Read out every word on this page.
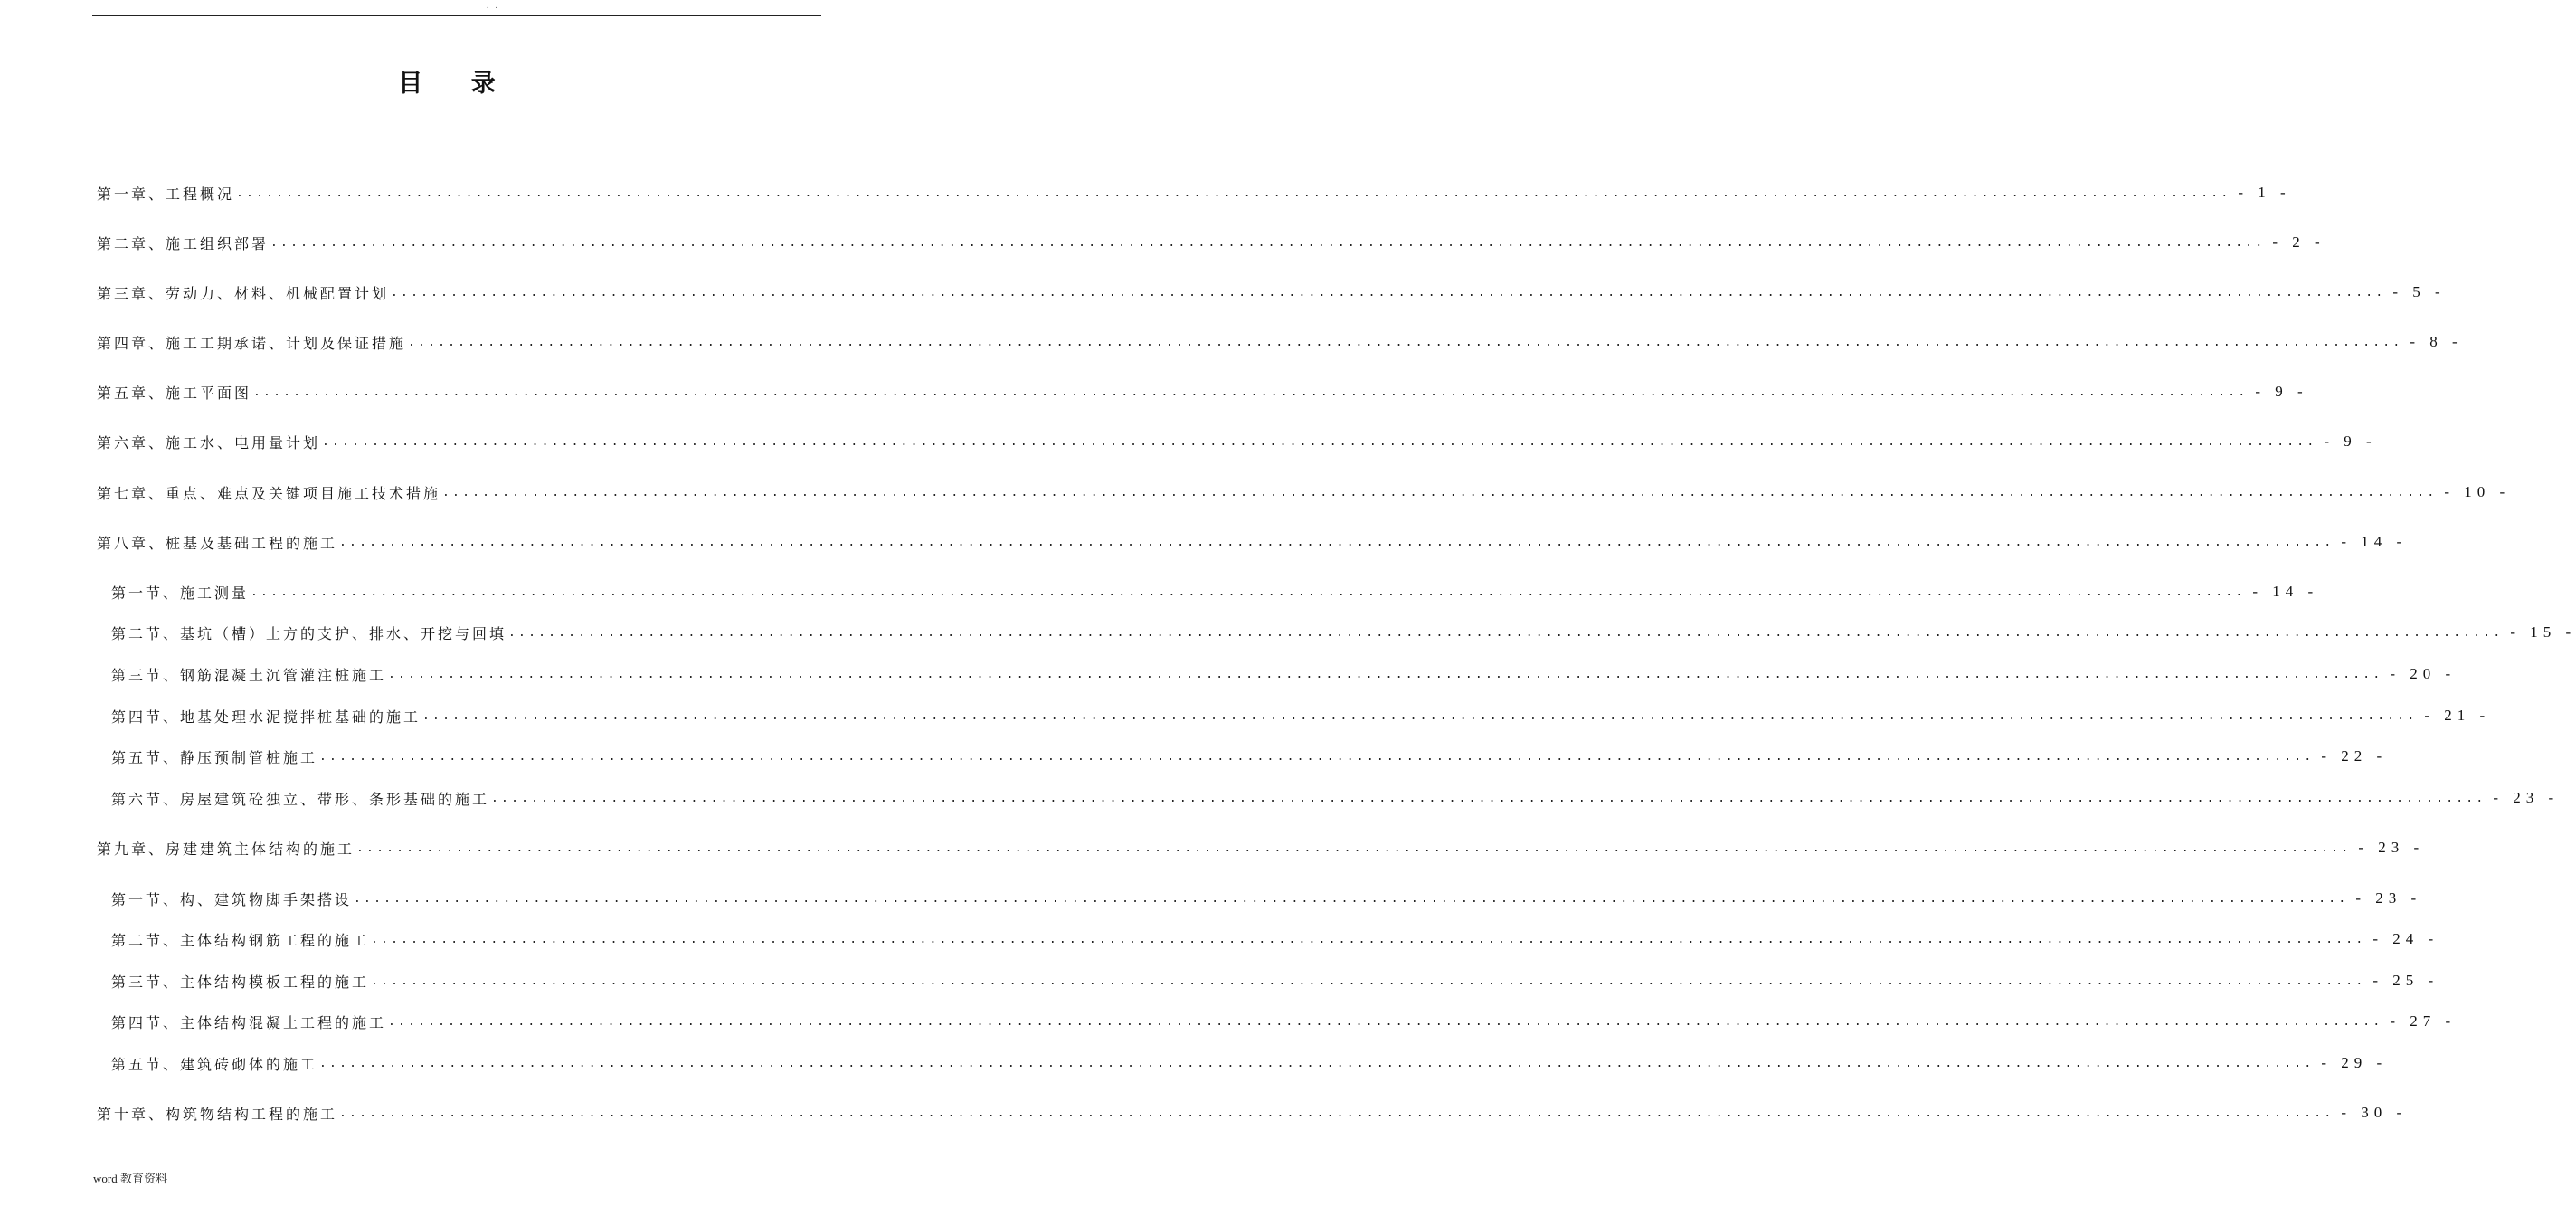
. .
目 录
第一章、工程概况 ........................................................................................................................................................................................................ - 1 -
第二章、施工组织部署 ........................................................................................................................................................................................................ - 2 -
第三章、劳动力、材料、机械配置计划 ........................................................................................................................................................................................................ - 5 -
第四章、施工工期承诺、计划及保证措施 ........................................................................................................................................................................................................ - 8 -
第五章、施工平面图 ........................................................................................................................................................................................................ - 9 -
第六章、施工水、电用量计划 ........................................................................................................................................................................................................ - 9 -
第七章、重点、难点及关键项目施工技术措施 ........................................................................................................................................................................................................ - 10 -
第八章、桩基及基础工程的施工 ........................................................................................................................................................................................................ - 14 -
第一节、施工测量 ........................................................................................................................................................................................................ - 14 -
第二节、基坑（槽）土方的支护、排水、开挖与回填 ........................................................................................................................................................................................................ - 15 -
第三节、钢筋混凝土沉管灌注桩施工 ........................................................................................................................................................................................................ - 20 -
第四节、地基处理水泥搅拌桩基础的施工 ........................................................................................................................................................................................................ - 21 -
第五节、静压预制管桩施工 ........................................................................................................................................................................................................ - 22 -
第六节、房屋建筑砼独立、带形、条形基础的施工 ........................................................................................................................................................................................................ - 23 -
第九章、房建建筑主体结构的施工 ........................................................................................................................................................................................................ - 23 -
第一节、构、建筑物脚手架搭设 ........................................................................................................................................................................................................ - 23 -
第二节、主体结构钢筋工程的施工 ........................................................................................................................................................................................................ - 24 -
第三节、主体结构模板工程的施工 ........................................................................................................................................................................................................ - 25 -
第四节、主体结构混凝土工程的施工 ........................................................................................................................................................................................................ - 27 -
第五节、建筑砖砌体的施工 ........................................................................................................................................................................................................ - 29 -
第十章、构筑物结构工程的施工 ........................................................................................................................................................................................................ - 30 -
word 教育资料
